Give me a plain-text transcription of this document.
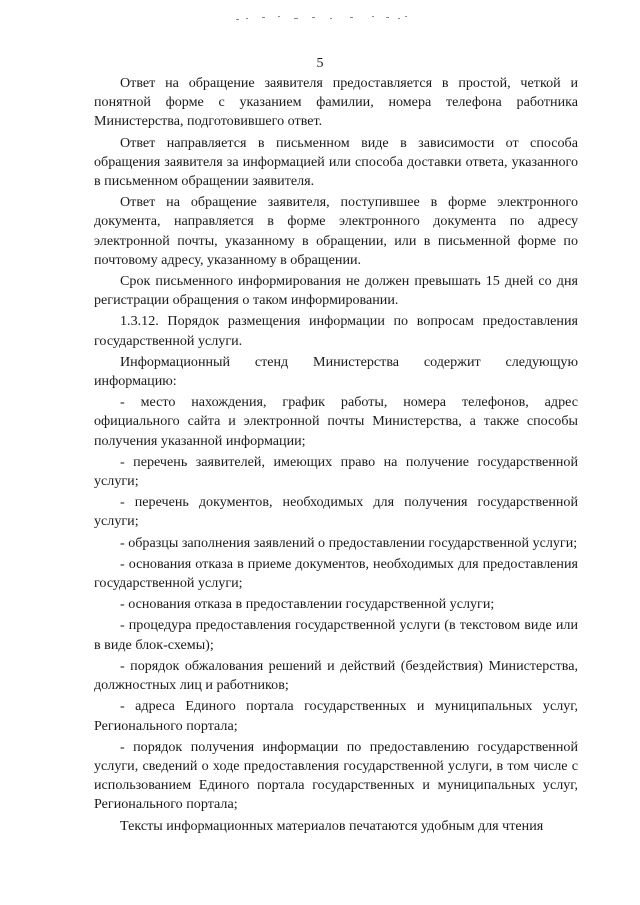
5

Ответ на обращение заявителя предоставляется в простой, четкой и понятной форме с указанием фамилии, номера телефона работника Министерства, подготовившего ответ.

Ответ направляется в письменном виде в зависимости от способа обращения заявителя за информацией или способа доставки ответа, указанного в письменном обращении заявителя.

Ответ на обращение заявителя, поступившее в форме электронного документа, направляется в форме электронного документа по адресу электронной почты, указанному в обращении, или в письменной форме по почтовому адресу, указанному в обращении.

Срок письменного информирования не должен превышать 15 дней со дня регистрации обращения о таком информировании.

1.3.12. Порядок размещения информации по вопросам предоставления государственной услуги.

Информационный стенд Министерства содержит следующую информацию:

- место нахождения, график работы, номера телефонов, адрес официального сайта и электронной почты Министерства, а также способы получения указанной информации;

- перечень заявителей, имеющих право на получение государственной услуги;

- перечень документов, необходимых для получения государственной услуги;

- образцы заполнения заявлений о предоставлении государственной услуги;

- основания отказа в приеме документов, необходимых для предоставления государственной услуги;

- основания отказа в предоставлении государственной услуги;

- процедура предоставления государственной услуги (в текстовом виде или в виде блок-схемы);

- порядок обжалования решений и действий (бездействия) Министерства, должностных лиц и работников;

- адреса Единого портала государственных и муниципальных услуг, Регионального портала;

- порядок получения информации по предоставлению государственной услуги, сведений о ходе предоставления государственной услуги, в том числе с использованием Единого портала государственных и муниципальных услуг, Регионального портала;

Тексты информационных материалов печатаются удобным для чтения
